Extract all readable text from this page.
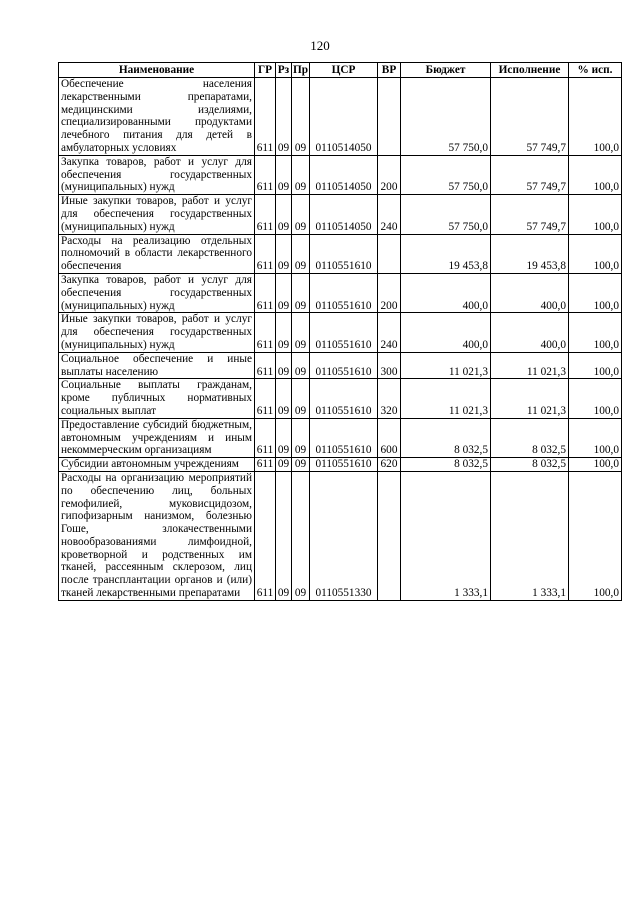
120
Наименование	ГР	Рз	Пр	ЦСР	ВР	Бюджет	Исполнение	% исп.
Обеспечение населения лекарственными препаратами, медицинскими изделиями, специализированными продуктами лечебного питания для детей в амбулаторных условиях	611	09	09	0110514050		57 750,0	57 749,7	100,0
Закупка товаров, работ и услуг для обеспечения государственных (муниципальных) нужд	611	09	09	0110514050	200	57 750,0	57 749,7	100,0
Иные закупки товаров, работ и услуг для обеспечения государственных (муниципальных) нужд	611	09	09	0110514050	240	57 750,0	57 749,7	100,0
Расходы на реализацию отдельных полномочий в области лекарственного обеспечения	611	09	09	0110551610		19 453,8	19 453,8	100,0
Закупка товаров, работ и услуг для обеспечения государственных (муниципальных) нужд	611	09	09	0110551610	200	400,0	400,0	100,0
Иные закупки товаров, работ и услуг для обеспечения государственных (муниципальных) нужд	611	09	09	0110551610	240	400,0	400,0	100,0
Социальное обеспечение и иные выплаты населению	611	09	09	0110551610	300	11 021,3	11 021,3	100,0
Социальные выплаты гражданам, кроме публичных нормативных социальных выплат	611	09	09	0110551610	320	11 021,3	11 021,3	100,0
Предоставление субсидий бюджетным, автономным учреждениям и иным некоммерческим организациям	611	09	09	0110551610	600	8 032,5	8 032,5	100,0
Субсидии автономным учреждениям	611	09	09	0110551610	620	8 032,5	8 032,5	100,0
Расходы на организацию мероприятий по обеспечению лиц, больных гемофилией, муковисцидозом, гипофизарным нанизмом, болезнью Гоше, злокачественными новообразованиями лимфоидной, кроветворной и родственных им тканей, рассеянным склерозом, лиц после трансплантации органов и (или) тканей лекарственными препаратами	611	09	09	0110551330		1 333,1	1 333,1	100,0
